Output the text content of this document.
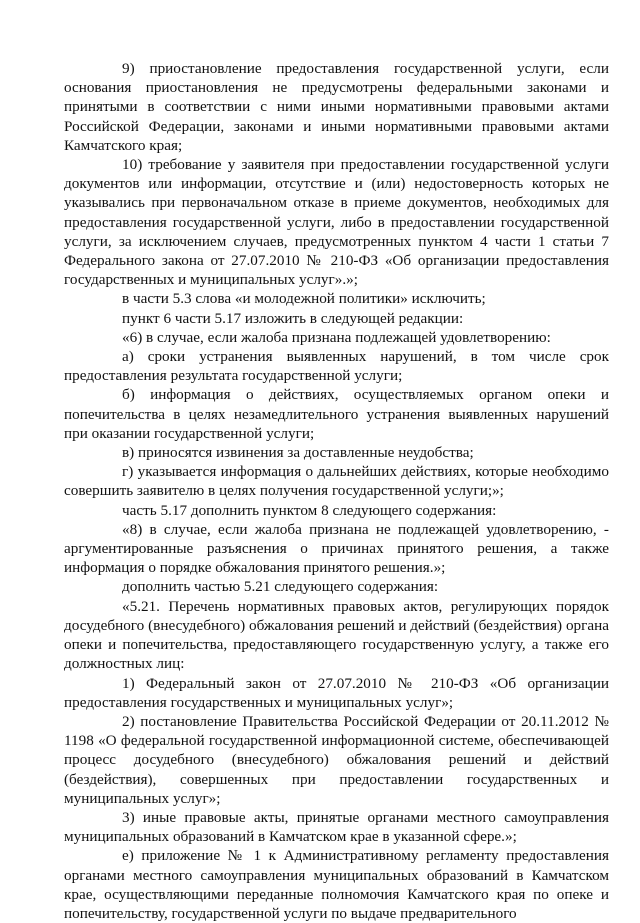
9) приостановление предоставления государственной услуги, если основания приостановления не предусмотрены федеральными законами и принятыми в соответствии с ними иными нормативными правовыми актами Российской Федерации, законами и иными нормативными правовыми актами Камчатского края;

10) требование у заявителя при предоставлении государственной услуги документов или информации, отсутствие и (или) недостоверность которых не указывались при первоначальном отказе в приеме документов, необходимых для предоставления государственной услуги, либо в предоставлении государственной услуги, за исключением случаев, предусмотренных пунктом 4 части 1 статьи 7 Федерального закона от 27.07.2010 № 210-ФЗ «Об организации предоставления государственных и муниципальных услуг».»;

в части 5.3 слова «и молодежной политики» исключить;

пункт 6 части 5.17 изложить в следующей редакции:

«6) в случае, если жалоба признана подлежащей удовлетворению:

а) сроки устранения выявленных нарушений, в том числе срок предоставления результата государственной услуги;

б) информация о действиях, осуществляемых органом опеки и попечительства в целях незамедлительного устранения выявленных нарушений при оказании государственной услуги;

в) приносятся извинения за доставленные неудобства;

г) указывается информация о дальнейших действиях, которые необходимо совершить заявителю в целях получения государственной услуги;»;

часть 5.17 дополнить пунктом 8 следующего содержания:

«8) в случае, если жалоба признана не подлежащей удовлетворению, - аргументированные разъяснения о причинах принятого решения, а также информация о порядке обжалования принятого решения.»;

дополнить частью 5.21 следующего содержания:

«5.21. Перечень нормативных правовых актов, регулирующих порядок досудебного (внесудебного) обжалования решений и действий (бездействия) органа опеки и попечительства, предоставляющего государственную услугу, а также его должностных лиц:

1) Федеральный закон от 27.07.2010 № 210-ФЗ «Об организации предоставления государственных и муниципальных услуг»;

2) постановление Правительства Российской Федерации от 20.11.2012 № 1198 «О федеральной государственной информационной системе, обеспечивающей процесс досудебного (внесудебного) обжалования решений и действий (бездействия), совершенных при предоставлении государственных и муниципальных услуг»;

3) иные правовые акты, принятые органами местного самоуправления муниципальных образований в Камчатском крае в указанной сфере.»;

е) приложение № 1 к Административному регламенту предоставления органами местного самоуправления муниципальных образований в Камчатском крае, осуществляющими переданные полномочия Камчатского края по опеке и попечительству, государственной услуги по выдаче предварительного
